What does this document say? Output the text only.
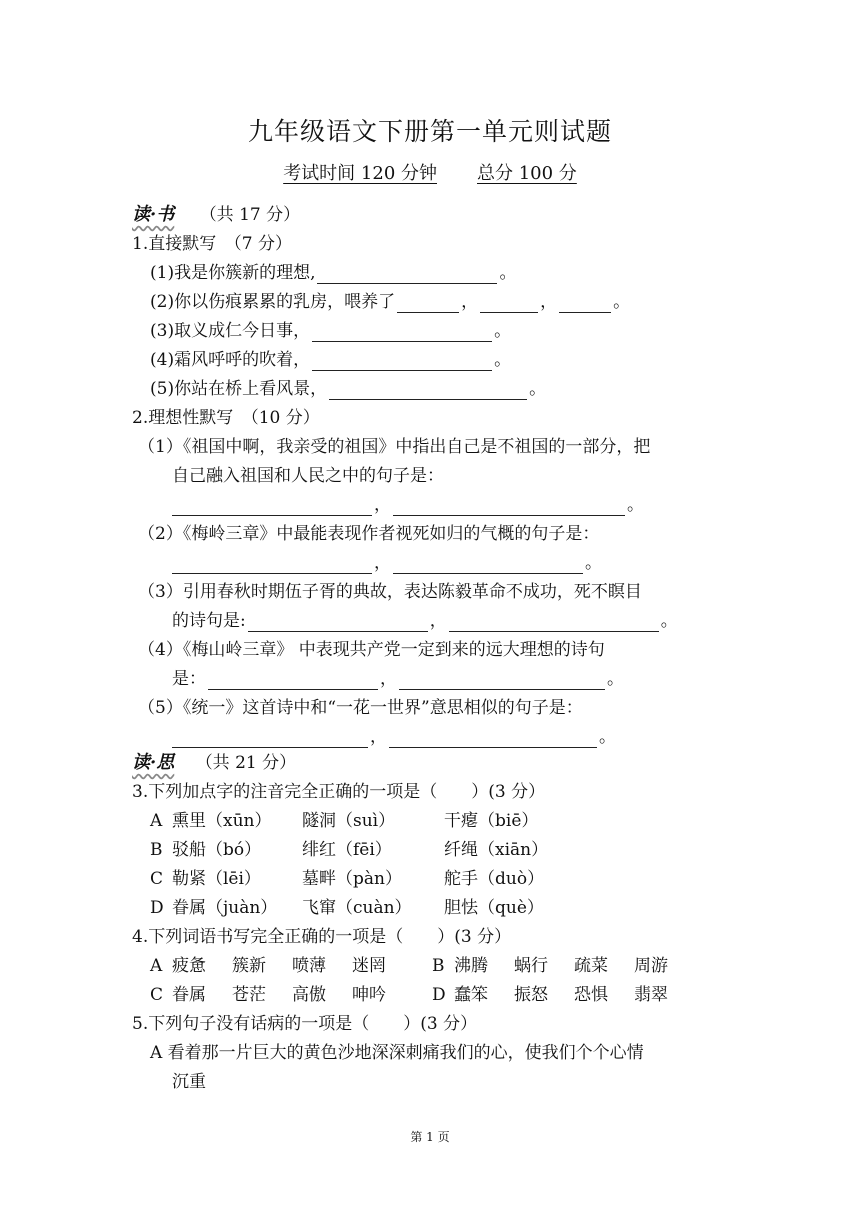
九年级语文下册第一单元则试题
考试时间 120 分钟 总分 100 分
读·书 （共 17 分）
1.直接默写　（7 分）
(1)我是你簇新的理想,	。
(2)你以伤痕累累的乳房，喂养了	，	，	。
(3)取义成仁今日事，	。
(4)霜风呼呼的吹着，	。
(5)你站在桥上看风景，	。
2.理想性默写　（10 分）
（1）《祖国中啊，我亲受的祖国》中指出自己是不祖国的一部分，把
自己融入祖国和人民之中的句子是：
，	。
（2）《梅岭三章》中最能表现作者视死如归的气概的句子是：
，	。
（3）引用春秋时期伍子胥的典故，表达陈毅革命不成功，死不瞑目
的诗句是:	，	。
（4）《梅山岭三章》 中表现共产党一定到来的远大理想的诗句
是：	，	。
（5）《统一》这首诗中和“一花一世界”意思相似的句子是：
，	。
读·思 （共 21 分）
3.下列加点字的注音完全正确的一项是（　　）(3 分）
A 熏里（xūn） 隧洞（suì）	干瘪（biē）
B 驳船（bó） 绯红（fēi）	纤绳（xiān）
C 勒紧（lēi） 墓畔（pàn） 舵手（duò）
D 眷属（juàn） 飞窜（cuàn） 胆怯（què）
4.下列词语书写完全正确的一项是（　　）(3 分）
A 疲惫 簇新 喷薄 迷罔	B 沸腾 蜗行 疏菜 周游
C 眷属 苍茫 高傲 呻吟	D 蠢笨 振怒 恐惧 翡翠
5.下列句子没有话病的一项是（　　）(3 分）
A 看着那一片巨大的黄色沙地深深刺痛我们的心，使我们个个心情
沉重
第 1 页
